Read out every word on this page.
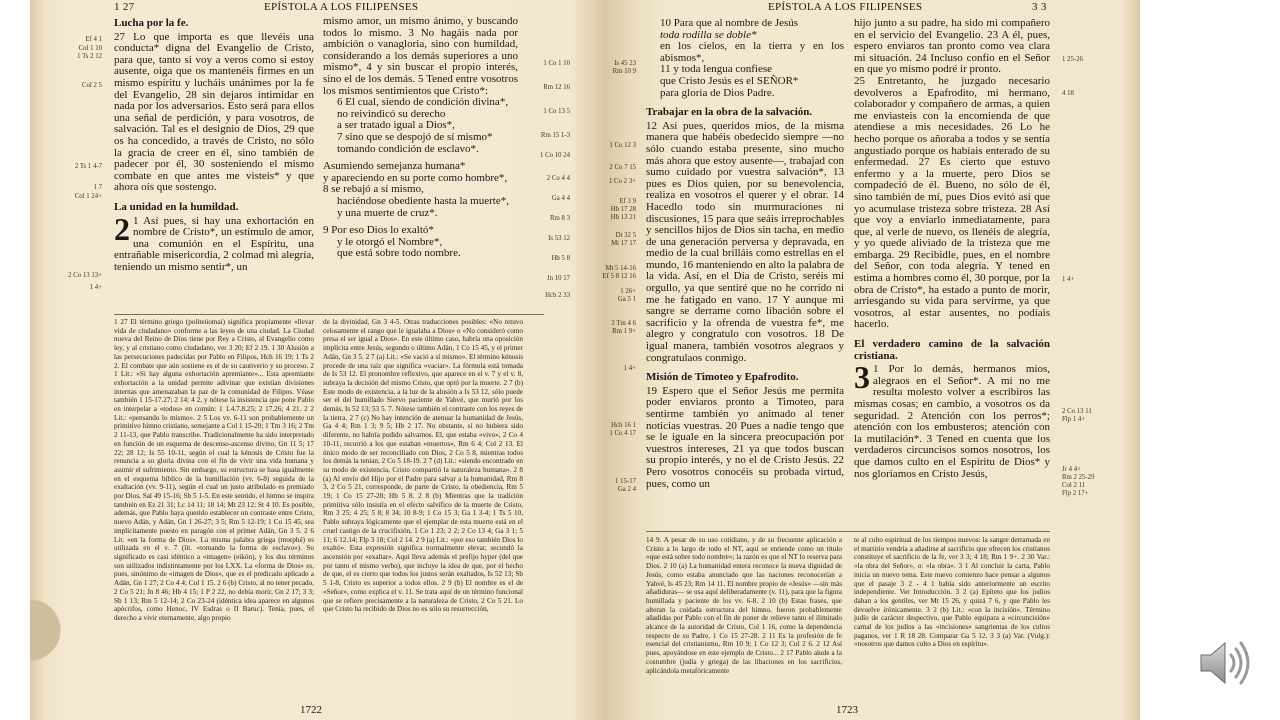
1 27	EPÍSTOLA A LOS FILIPENSES
Ef 4 1
Col 1 10
1 Ts 2 12
Col 2 5
2 Ts 1 4-7
1 7
Col 1 24+
2 Co 13 13+
1 4+
Lucha por la fe.

27 Lo que importa es que llevéis una conducta* digna del Evangelio de Cristo, para que, tanto si voy a veros como si estoy ausente, oiga que os mantenéis firmes en un mismo espíritu y lucháis unánimes por la fe del Evangelio, 28 sin dejaros intimidar en nada por los adversarios. Esto será para ellos una señal de perdición, y para vosotros, de salvación. Tal es el designio de Dios, 29 que os ha concedido, a través de Cristo, no sólo la gracia de creer en él, sino también de padecer por él, 30 sosteniendo el mismo combate en que antes me visteis* y que ahora oís que sostengo.

La unidad en la humildad.

2 1 Así pues, si hay una exhortación en nombre de Cristo*, un estímulo de amor, una comunión en el Espíritu, una entrañable misericordia, 2 colmad mi alegría, teniendo un mismo sentir*, un

mismo amor, un mismo ánimo, y buscando todos lo mismo. 3 No hagáis nada por ambición o vanagloria, sino con humildad, considerando a los demás superiores a uno mismo*, 4 y sin buscar el propio interés, sino el de los demás. 5 Tened entre vosotros los mismos sentimientos que Cristo*:

6 El cual, siendo de condición divina*,

no reivindicó su derecho

a ser tratado igual a Dios*,

7 sino que se despojó de sí mismo*

tomando condición de esclavo*.

Asumiendo semejanza humana*

y apareciendo en su porte como hombre*,

8 se rebajó a sí mismo,

haciéndose obediente hasta la muerte*,

y una muerte de cruz*.

9 Por eso Dios lo exaltó*

y le otorgó el Nombre*,

que está sobre todo nombre.

1 Co 1 10
Rm 12 16
1 Co 13 5
Rm 15 1-3
1 Co 10 24
2 Co 4 4
Ga 4 4
Rm 8 3
Is 53 12
Hb 5 8
Jn 10 17
Hch 2 33
1 27 El término griego (politeúomai) significa propiamente «llevar vida de ciudadano» conforme a las leyes de una ciudad. La Ciudad nueva del Reino de Dios tiene por Rey a Cristo, al Evangelio como ley, y al cristiano como ciudadano, ver 3 20; Ef 2 19. 1 30 Alusión a las persecuciones padecidas por Pablo en Filipos, Hch 16 19; 1 Ts 2 2. El combate que aún sostiene es el de su cautiverio y su proceso. 2 1 Lit.: «Si hay alguna exhortación apremiante»... Esta apremiante exhortación a la unidad permite adivinar que existían divisiones internas que amenazaban la paz de la comunidad de Filipos. Véase también 1 15-17.27; 2 14; 4 2, y nótese la insistencia que pone Pablo en interpelar a «todos» en común: 1 1.4.7.8.25; 2 17.26; 4 21. 2 2 Lit.: «pensando lo mismo». 2 5 Los vv. 6-11 son probablemente un primitivo himno cristiano, semejante a Col 1 15-20; 1 Tm 3 16; 2 Tm 2 11-13, que Pablo transcribe. Tradicionalmente ha sido interpretado en función de un esquema de descenso-ascenso divino, Gn 11 5; 17 22; 28 12; Is 55 10-11, según el cual la kénosis de Cristo fue la renuncia a su gloria divina con el fin de vivir una vida humana y asumir el sufrimiento. Sin embargo, su estructura se basa igualmente en el esquema bíblico de la humillación (vv. 6-8) seguida de la exaltación (vv. 9-11), según el cual un justo atribulado es premiado por Dios, Sal 49 15-16; Sb 5 1-5. En este sentido, el himno se inspira también en Ez 21 31; Lc 14 11; 18 14; Mt 23 12; St 4 10. Es posible, además, que Pablo haya querido establecer un contraste entre Cristo, nuevo Adán, y Adán, Gn 1 26-27; 3 5; Rm 5 12-19; 1 Co 15 45, sea implícitamente puesto en paragón con el primer Adán, Gn 3 5. 2 6 Lit. «en la forma de Dios». La misma palabra griega (morphé) es utilizada en el v. 7 (lit. «tomando la forma de esclavo»). Su significado es casi idéntico a «imagen» (eikón), y los dos términos son utilizados indistintamente por los LXX. La «forma de Dios» es, pues, sinónimo de «imagen de Dios», que es el predicado aplicado a Adán, Gn 1 27; 2 Co 4 4; Col 1 15. 2 6 (b) Cristo, al no tener pecado, 2 Co 5 21; Jn 8 46; Hb 4 15; 1 P 2 22, no debía morir, Gn 2 17; 3 3; Sb 1 13; Rm 5 12-14; 2 Co 23-24 (idéntica idea aparece en algunos apócrifos, como Henoc, IV Esdras o II Baruc). Tenía, pues, el derecho a vivir eternamente, algo propio
de la divinidad, Gn 3 4-5. Otras traducciones posibles: «No retuvo celosamente el rango que le igualaba a Dios» o «No consideró como presa el ser igual a Dios». En este último caso, habría una oposición implícita entre Jesús, segundo o último Adán, 1 Co 15 45, y el primer Adán, Gn 3 5. 2 7 (a) Lit.: «Se vació a sí mismo». El término kénosis procede de una raíz que significa «vaciar». La fórmula está tomada de Is 53 12. El pronombre reflexivo, que aparece en el v. 7 y el v. 8, subraya la decisión del mismo Cristo, que optó por la muerte. 2 7 (b) Este modo de existencia, a la luz de la alusión a Is 53 12, sólo puede ser el del humillado Siervo paciente de Yahvé, que murió por los demás, Is 52 13; 53 5. 7. Nótese también el contraste con los reyes de la tierra. 2 7 (c) No hay intención de atenuar la humanidad de Jesús, Ga 4 4; Rm 1 3; 9 5; Hb 2 17. No obstante, si no hubiera sido diferente, no habría podido salvarnos. El, que estaba «vivo», 2 Co 4 10-11, recorrió a los que estaban «muertos», Rm 6 4; Col 2 13. El único modo de ser reconciliado con Dios, 2 Co 5 8, mientras todos los demás la tenían, 2 Co 5 18-19. 2 7 (d) Lit.: «siendo encontrado en su modo de existencia, Cristo compartió la naturaleza humana». 2 8 (a) Al envío del Hijo por el Padre para salvar a la humanidad, Rm 8 3, 2 Co 5 21, corresponde, de parte de Cristo, la obediencia, Rm 5 19; 1 Co 15 27-28; Hb 5 8. 2 8 (b) Mientras que la tradición primitiva sólo insistía en el efecto salvífico de la muerte de Cristo, Rm 3 25; 4 25; 5 8; 8 34; 10 8-9; 1 Co 15 3; Ga 1 3-4; 1 Ts 5 10, Pablo subraya lógicamente que el ejemplar de esta muerte está en el cruel castigo de la crucifixión, 1 Co 1 23; 2 2; 2 Co 13 4; Ga 3 1; 5 11; 6 12.14; Flp 3 18; Col 2 14. 2 9 (a) Lit.: «por eso también Dios lo exaltó». Esta expresión significa normalmente elevar, secundó la ascensión por «exaltar». Aquí lleva además el prefijo hyper (del que por tanto el mismo verbo), que incluye la idea de que, por el hecho de que, el es cierto que todos los justos serán exaltados, Is 52 13; Sb 5 1-8, Cristo es superior a todos ellos. 2 9 (b) El nombre es el de «Señor», como explica el v. 11. Se trata aquí de un término funcional que se refiere precisamente a la naturaleza de Cristo, 2 Co 5 21. Lo que Cristo ha recibido de Dios no es sólo su resurrección,
1722
EPÍSTOLA A LOS FILIPENSES	3 3
Is 45 23
Rm 10 9
1 Co 12 3
2 Co 7 15
1 Co 2 3+
Ef 3 9
Hb 17 28
Hb 13 21
Dt 32 5
Mt 17 17
Mt 5 14-16
Ef 5 8 12 16
1 26+
Ga 5 1
2 Tm 4 6
Rm 1 9+
1 4+
Hch 16 1
1 Co 4 17
1 15-17
Ga 2 4

10 Para que al nombre de Jesús

toda rodilla se doble*

en los cielos, en la tierra y en los abismos*,

11 y toda lengua confiese

que Cristo Jesús es el SEÑOR*

para gloria de Dios Padre.

Trabajar en la obra de la salvación.

12 Así pues, queridos míos, de la misma manera que habéis obedecido siempre —no sólo cuando estaba presente, sino mucho más ahora que estoy ausente—, trabajad con sumo cuidado por vuestra salvación*, 13 pues es Dios quien, por su benevolencia, realiza en vosotros el querer y el obrar. 14 Hacedlo todo sin murmuraciones ni discusiones, 15 para que seáis irreprochables y sencillos hijos de Dios sin tacha, en medio de una generación perversa y depravada, en medio de la cual brilláis como estrellas en el mundo, 16 manteniendo en alto la palabra de la vida. Así, en el Día de Cristo, seréis mi orgullo, ya que sentiré que no he corrido ni me he fatigado en vano. 17 Y aunque mi sangre se derrame como libación sobre el sacrificio y la ofrenda de vuestra fe*, me alegro y congratulo con vosotros. 18 De igual manera, también vosotros alegraos y congratulaos conmigo.

Misión de Timoteo y Epafrodito.

19 Espero que el Señor Jesús me permita poder enviaros pronto a Timoteo, para sentirme también yo animado al tener noticias vuestras. 20 Pues a nadie tengo que se le iguale en la sincera preocupación por vuestros intereses, 21 ya que todos buscan su propio interés, y no el de Cristo Jesús. 22 Pero vosotros conocéis su probada virtud, pues, como un

hijo junto a su padre, ha sido mi compañero en el servicio del Evangelio. 23 A él, pues, espero enviaros tan pronto como vea clara mi situación. 24 Incluso confío en el Señor en que yo mismo podré ir pronto.

25 Entretanto, he juzgado necesario devolveros a Epafrodito, mi hermano, colaborador y compañero de armas, a quien me enviasteis con la encomienda de que atendiese a mis necesidades. 26 Lo he hecho porque os añoraba a todos y se sentía angustiado porque os habíais enterado de su enfermedad. 27 Es cierto que estuvo enfermo y a la muerte, pero Dios se compadeció de él. Bueno, no sólo de él, sino también de mí, pues Dios evitó así que yo acumulase tristeza sobre tristeza. 28 Así que voy a enviarlo inmediatamente, para que, al verle de nuevo, os llenéis de alegría, y yo quede aliviado de la tristeza que me embarga. 29 Recibidle, pues, en el nombre del Señor, con toda alegría. Y tened en estima a hombres como él, 30 porque, por la obra de Cristo*, ha estado a punto de morir, arriesgando su vida para servirme, ya que vosotros, al estar ausentes, no podíais hacerlo.

El verdadero camino de la salvación cristiana.

3 1 Por lo demás, hermanos míos, alegraos en el Señor*. A mí no me resulta molesto volver a escribiros las mismas cosas; en cambio, a vosotros os da seguridad. 2 Atención con los perros*; atención con los embusteros; atención con la mutilación*. 3 Tened en cuenta que los verdaderos circuncisos somos nosotros, los que damos culto en el Espíritu de Dios* y nos gloriamos en Cristo Jesús,

1 25-26
4 18
1 4+
2 Co 13 11
Flp 1 4+
Jr 4 4+
Rm 2 25-29
Col 2 11
Flp 2 17+
14 9. A pesar de su uso cotidiano, y de su frecuente aplicación a Cristo a lo largo de todo el NT, aquí se entiende como un título «que está sobre todo nombre»; la razón es que el NT lo reserva para Dios. 2 10 (a) La humanidad entera reconoce la nueva dignidad de Jesús, como estaba anunciado que las naciones reconocerían a Yahvé, Is 45 23; Rm 14 11. El nombre propio de «Jesús» —sin más añadiduras— se usa aquí deliberadamente (v. 11), para que la figura humillada y paciente de los vv. 6-8. 2 10 (b) Estas frases, que alteran la cuidada estructura del himno, fueron probablemente añadidas por Pablo con el fin de poner de relieve tanto el ilimitado alcance de la autoridad de Cristo, Col 1 16, como la dependencia respecto de su Padre, 1 Co 15 27-28. 2 11 Es la profesión de fe esencial del cristianismo, Rm 10 9; 1 Co 12 3; Col 2 6. 2 12 Así pues, apoyándose en este ejemplo de Cristo... 2 17 Pablo alude a la costumbre (judía y griega) de las libaciones en los sacrificios, aplicándola metafóricamente
te al culto espiritual de los tiempos nuevos: la sangre derramada en el martirio vendría a añadirse al sacrificio que ofrecen los cristianos constituye el sacrificio de la fe, ver 3 3; 4 18; Rm 1 9+. 2 30 Var.: «la obra del Señor», o: «la obra». 3 1 Al concluir la carta, Pablo inicia un nuevo tema. Este nuevo comienzo hace pensar a algunos que el pasaje 3 2 - 4 1 había sido anteriormente un escrito independiente. Ver Introducción. 3 2 (a) Epíteto que los judíos daban a los gentiles, ver Mt 15 26, y quizá 7 6, y que Pablo les devuelve irónicamente. 3 2 (b) Lit.: «con la incisión». Término judío de carácter despectivo, que Pablo equipara a «circuncisión» carnal de los judíos a las «incisiones» sangrientas de los cultos paganos, ver 1 R 18 28. Comparar Ga 5 12. 3 3 (a) Var. (Vulg.): «nosotros que damos culto a Dios en espíritu».
1723
